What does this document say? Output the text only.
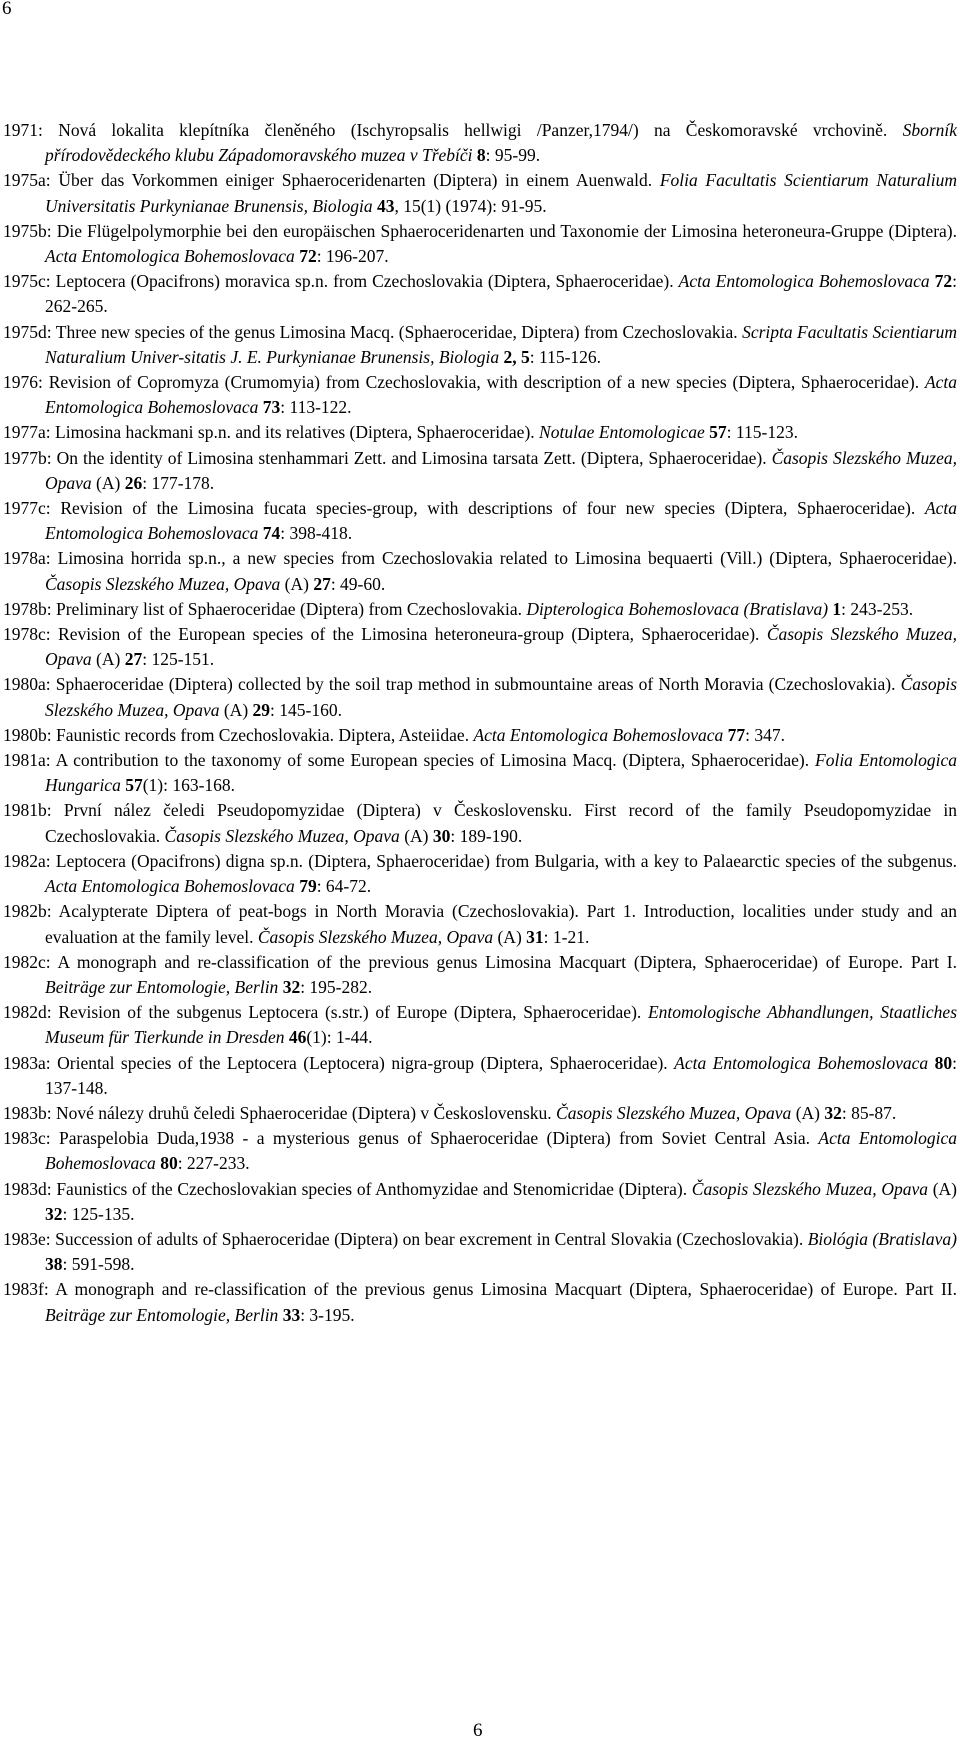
6

1971: Nová lokalita klepítníka členěného (Ischyropsalis hellwigi /Panzer,1794/) na Českomoravské vrchovině. Sborník přírodovědeckého klubu Západomoravského muzea v Třebíči 8: 95-99.

1975a: Über das Vorkommen einiger Sphaeroceridenarten (Diptera) in einem Auenwald. Folia Facultatis Scientiarum Naturalium Universitatis Purkynianae Brunensis, Biologia 43, 15(1) (1974): 91-95.

1975b: Die Flügelpolymorphie bei den europäischen Sphaeroceridenarten und Taxonomie der Limosina heteroneura-Gruppe (Diptera). Acta Entomologica Bohemoslovaca 72: 196-207.

1975c: Leptocera (Opacifrons) moravica sp.n. from Czechoslovakia (Diptera, Sphaeroceridae). Acta Entomologica Bohemoslovaca 72: 262-265.

1975d: Three new species of the genus Limosina Macq. (Sphaeroceridae, Diptera) from Czechoslovakia. Scripta Facultatis Scientiarum Naturalium Univer-sitatis J. E. Purkynianae Brunensis, Biologia 2, 5: 115-126.

1976: Revision of Copromyza (Crumomyia) from Czechoslovakia, with description of a new species (Diptera, Sphaeroceridae). Acta Entomologica Bohemoslovaca 73: 113-122.

1977a: Limosina hackmani sp.n. and its relatives (Diptera, Sphaeroceridae). Notulae Entomologicae 57: 115-123.

1977b: On the identity of Limosina stenhammari Zett. and Limosina tarsata Zett. (Diptera, Sphaeroceridae). Časopis Slezského Muzea, Opava (A) 26: 177-178.

1977c: Revision of the Limosina fucata species-group, with descriptions of four new species (Diptera, Sphaeroceridae). Acta Entomologica Bohemoslovaca 74: 398-418.

1978a: Limosina horrida sp.n., a new species from Czechoslovakia related to Limosina bequaerti (Vill.) (Diptera, Sphaeroceridae). Časopis Slezského Muzea, Opava (A) 27: 49-60.

1978b: Preliminary list of Sphaeroceridae (Diptera) from Czechoslovakia. Dipterologica Bohemoslovaca (Bratislava) 1: 243-253.

1978c: Revision of the European species of the Limosina heteroneura-group (Diptera, Sphaeroceridae). Časopis Slezského Muzea, Opava (A) 27: 125-151.

1980a: Sphaeroceridae (Diptera) collected by the soil trap method in submountaine areas of North Moravia (Czechoslovakia). Časopis Slezského Muzea, Opava (A) 29: 145-160.

1980b: Faunistic records from Czechoslovakia. Diptera, Asteiidae. Acta Entomologica Bohemoslovaca 77: 347.

1981a: A contribution to the taxonomy of some European species of Limosina Macq. (Diptera, Sphaeroceridae). Folia Entomologica Hungarica 57(1): 163-168.

1981b: První nález čeledi Pseudopomyzidae (Diptera) v Československu. First record of the family Pseudopomyzidae in Czechoslovakia. Časopis Slezského Muzea, Opava (A) 30: 189-190.

1982a: Leptocera (Opacifrons) digna sp.n. (Diptera, Sphaeroceridae) from Bulgaria, with a key to Palaearctic species of the subgenus. Acta Entomologica Bohemoslovaca 79: 64-72.

1982b: Acalypterate Diptera of peat-bogs in North Moravia (Czechoslovakia). Part 1. Introduction, localities under study and an evaluation at the family level. Časopis Slezského Muzea, Opava (A) 31: 1-21.

1982c: A monograph and re-classification of the previous genus Limosina Macquart (Diptera, Sphaeroceridae) of Europe. Part I. Beiträge zur Entomologie, Berlin 32: 195-282.

1982d: Revision of the subgenus Leptocera (s.str.) of Europe (Diptera, Sphaeroceridae). Entomologische Abhandlungen, Staatliches Museum für Tierkunde in Dresden 46(1): 1-44.

1983a: Oriental species of the Leptocera (Leptocera) nigra-group (Diptera, Sphaeroceridae). Acta Entomologica Bohemoslovaca 80: 137-148.

1983b: Nové nálezy druhů čeledi Sphaeroceridae (Diptera) v Československu. Časopis Slezského Muzea, Opava (A) 32: 85-87.

1983c: Paraspelobia Duda,1938 - a mysterious genus of Sphaeroceridae (Diptera) from Soviet Central Asia. Acta Entomologica Bohemoslovaca 80: 227-233.

1983d: Faunistics of the Czechoslovakian species of Anthomyzidae and Stenomicridae (Diptera). Časopis Slezského Muzea, Opava (A) 32: 125-135.

1983e: Succession of adults of Sphaeroceridae (Diptera) on bear excrement in Central Slovakia (Czechoslovakia). Biológia (Bratislava) 38: 591-598.

1983f: A monograph and re-classification of the previous genus Limosina Macquart (Diptera, Sphaeroceridae) of Europe. Part II. Beiträge zur Entomologie, Berlin 33: 3-195.

6
